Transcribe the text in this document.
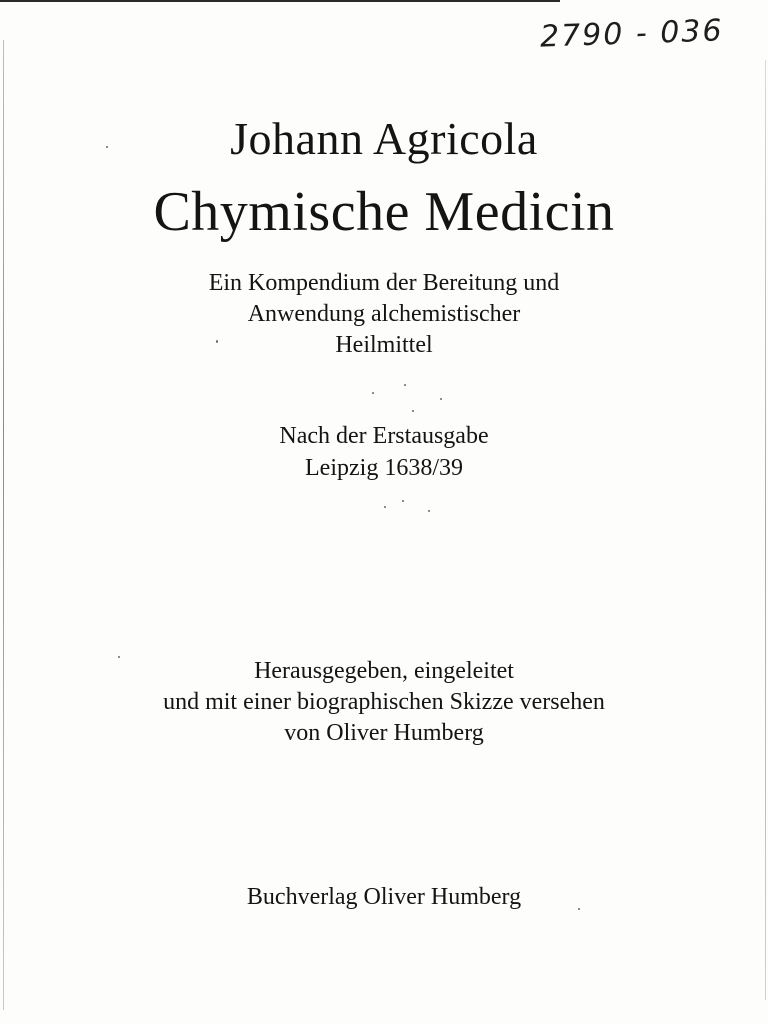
2790 - 036
Johann Agricola
Chymische Medicin
Ein Kompendium der Bereitung und
Anwendung alchemistischer
Heilmittel
Nach der Erstausgabe
Leipzig 1638/39
Herausgegeben, eingeleitet
und mit einer biographischen Skizze versehen
von Oliver Humberg
Buchverlag Oliver Humberg
